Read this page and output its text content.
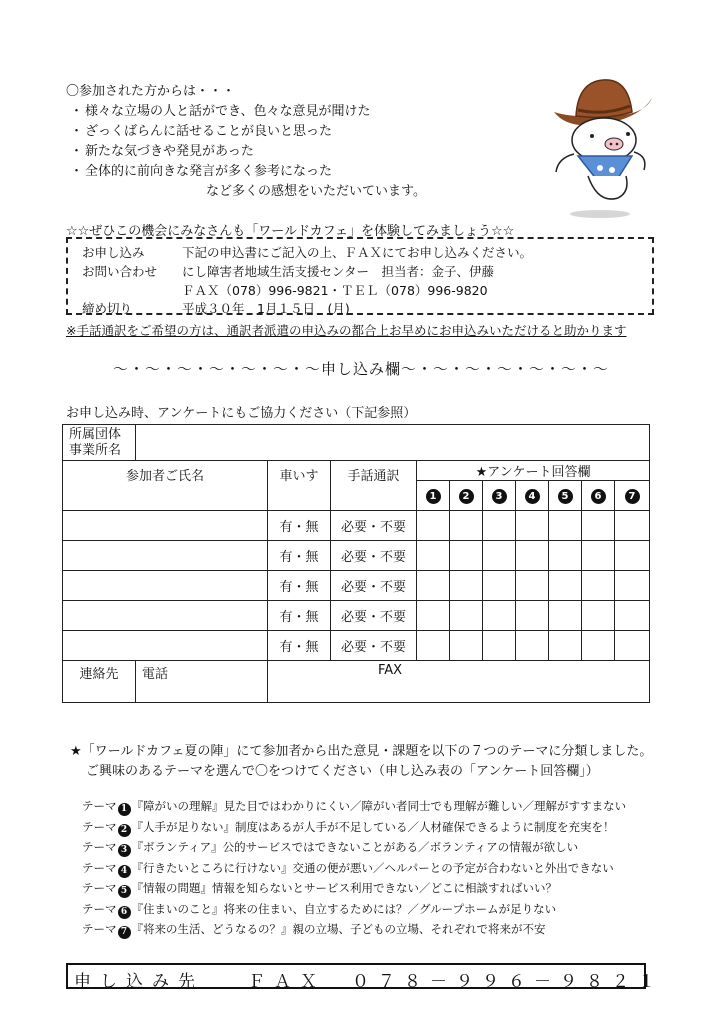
〇参加された方からは・・・
・ 様々な立場の人と話ができ、色々な意見が聞けた
・ ざっくばらんに話せることが良いと思った
・ 新たな気づきや発見があった
・ 全体的に前向きな発言が多く参考になった
など多くの感想をいただいています。
☆☆ぜひこの機会にみなさんも「ワールドカフェ」を体験してみましょう☆☆
お申し込み	下記の申込書にご記入の上、ＦＡＸにてお申し込みください。
お問い合わせ にし障害者地域生活支援センター　担当者：金子、伊藤
ＦＡＸ（078）996-9821・ＴＥＬ（078）996-9820
締め切り	平成３０年　1月１５日　(月)
※手話通訳をご希望の方は、通訳者派遣の申込みの都合上お早めにお申込みいただけると助かります
～・～・～・～・～・～・～申し込み欄～・～・～・～・～・～・～
お申し込み時、アンケートにもご協力ください（下記参照）
所属団体
事業所名										
参加者ご氏名		車いす	手話通訳	★アンケート回答欄						
				1	2	3	4	5	6	7
		有・無	必要・不要							
		有・無	必要・不要							
		有・無	必要・不要							
		有・無	必要・不要							
		有・無	必要・不要							
連絡先	電話	FAX								
★「ワールドカフェ夏の陣」にて参加者から出た意見・課題を以下の７つのテーマに分類しました。
ご興味のあるテーマを選んで〇をつけてください（申し込み表の「アンケート回答欄」）
テーマ 1 『障がいの理解』見た目ではわかりにくい／障がい者同士でも理解が難しい／理解がすすまない
テーマ 2 『人手が足りない』制度はあるが人手が不足している／人材確保できるように制度を充実を！
テーマ 3 『ボランティア』公的サービスではできないことがある／ボランティアの情報が欲しい
テーマ 4 『行きたいところに行けない』交通の便が悪い／ヘルパーとの予定が合わないと外出できない
テーマ 5 『情報の問題』情報を知らないとサービス利用できない／どこに相談すればいい？
テーマ 6 『住まいのこと』将来の住まい、自立するためには？／グループホームが足りない
テーマ 7 『将来の生活、どうなるの？』親の立場、子どもの立場、それぞれで将来が不安
申し込み先	ＦＡＸ　０７８－９９６－９８２１
